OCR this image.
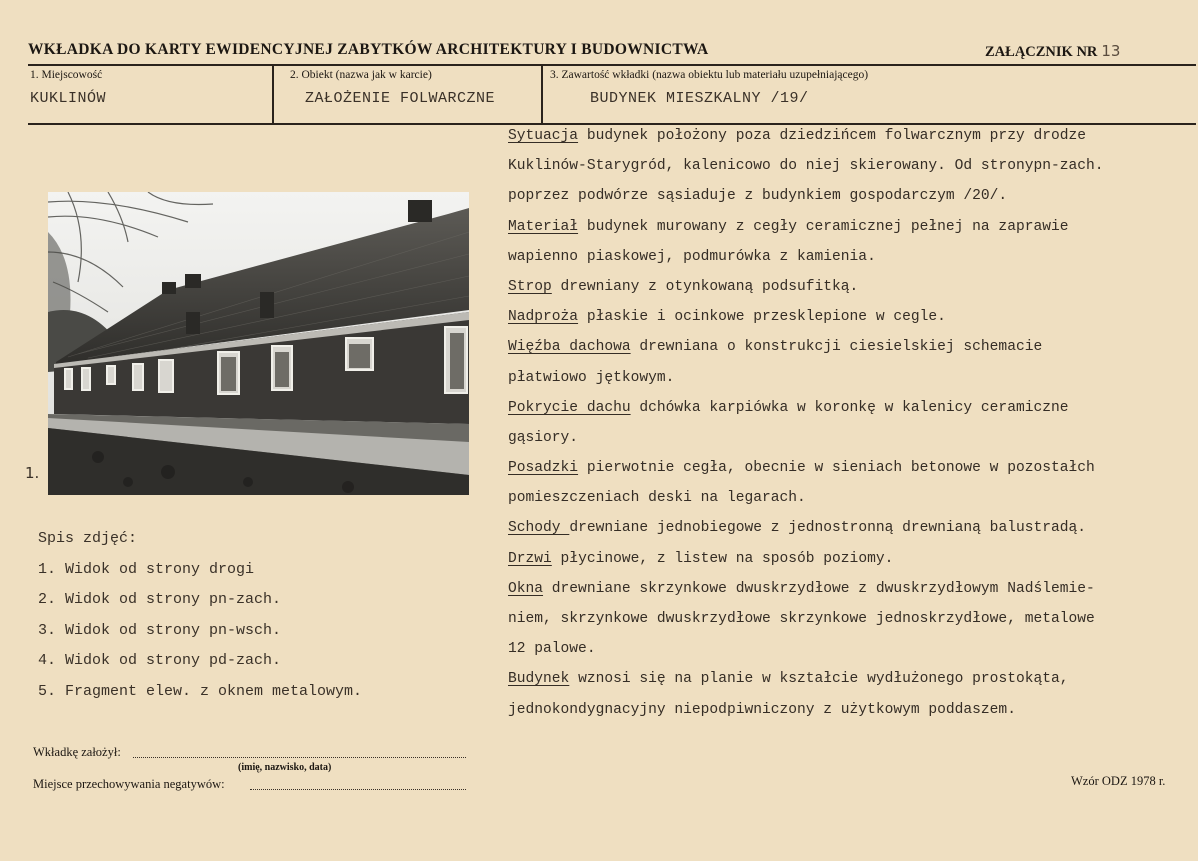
WKŁADKA DO KARTY EWIDENCYJNEJ ZABYTKÓW ARCHITEKTURY I BUDOWNICTWA	ZAŁĄCZNIK NR 13
1. Miejscowość
KUKLINÓW
2. Obiekt (nazwa jak w karcie)
ZAŁOŻENIE FOLWARCZNE
3. Zawartość wkładki (nazwa obiektu lub materiału uzupełniającego)
BUDYNEK MIESZKALNY /19/
1.
Spis zdjęć:
1. Widok od strony drogi
2. Widok od strony pn-zach.
3. Widok od strony pn-wsch.
4. Widok od strony pd-zach.
5. Fragment elew. z oknem metalowym.
Sytuacja budynek położony poza dziedzińcem folwarcznym przy drodze
Kuklinów-Starygród, kalenicowo do niej skierowany. Od stronypn-zach.
poprzez podwórze sąsiaduje z budynkiem gospodarczym /20/.
Materiał budynek murowany z cegły ceramicznej pełnej na zaprawie
wapienno piaskowej, podmurówka z kamienia.
Strop drewniany z otynkowaną podsufitką.
Nadproża płaskie i ocinkowe przesklepione w cegle.
Więźba dachowa drewniana o konstrukcji ciesielskiej schemacie
płatwiowo jętkowym.
Pokrycie dachu dchówka karpiówka w koronkę w kalenicy ceramiczne
gąsiory.
Posadzki pierwotnie cegła, obecnie w sieniach betonowe w pozostałch
pomieszczeniach deski na legarach.
Schody drewniane jednobiegowe z jednostronną drewnianą balustradą.
Drzwi płycinowe, z listew na sposób poziomy.
Okna drewniane skrzynkowe dwuskrzydłowe z dwuskrzydłowym Nadślemie-
niem, skrzynkowe dwuskrzydłowe skrzynkowe jednoskrzydłowe, metalowe
12 palowe.
Budynek wznosi się na planie w kształcie wydłużonego prostokąta,
jednokondygnacyjny niepodpiwniczony z użytkowym poddaszem.
Wkładkę założył:
(imię, nazwisko, data)
Miejsce przechowywania negatywów:	Wzór ODZ 1978 r.
